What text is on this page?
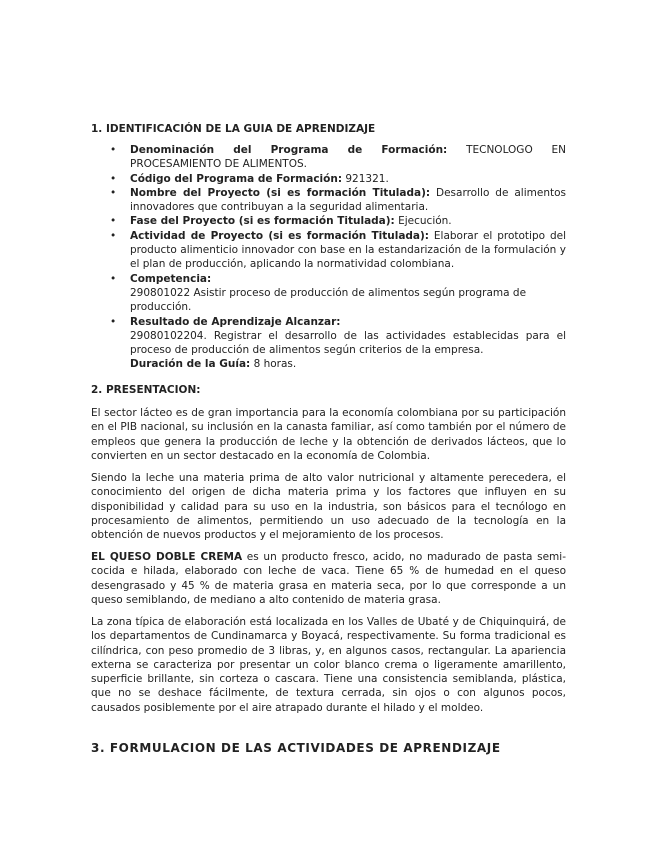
1. IDENTIFICACIÓN DE LA GUIA DE APRENDIZAJE
• Denominación del Programa de Formación: TECNOLOGO EN PROCESAMIENTO DE ALIMENTOS.
• Código del Programa de Formación: 921321.
• Nombre del Proyecto (si es formación Titulada): Desarrollo de alimentos innovadores que contribuyan a la seguridad alimentaria.
• Fase del Proyecto (si es formación Titulada): Ejecución.
• Actividad de Proyecto (si es formación Titulada): Elaborar el prototipo del producto alimenticio innovador con base en la estandarización de la formulación y el plan de producción, aplicando la normatividad colombiana.
• Competencia:
290801022 Asistir proceso de producción de alimentos según programa de producción.
• Resultado de Aprendizaje Alcanzar:
29080102204. Registrar el desarrollo de las actividades establecidas para el proceso de producción de alimentos según criterios de la empresa.
Duración de la Guía: 8 horas.
2. PRESENTACION:

El sector lácteo es de gran importancia para la economía colombiana por su participación en el PIB nacional, su inclusión en la canasta familiar, así como también por el número de empleos que genera la producción de leche y la obtención de derivados lácteos, que lo convierten en un sector destacado en la economía de Colombia.

Siendo la leche una materia prima de alto valor nutricional y altamente perecedera, el conocimiento del origen de dicha materia prima y los factores que influyen en su disponibilidad y calidad para su uso en la industria, son básicos para el tecnólogo en procesamiento de alimentos, permitiendo un uso adecuado de la tecnología en la obtención de nuevos productos y el mejoramiento de los procesos.

EL QUESO DOBLE CREMA es un producto fresco, acido, no madurado de pasta semi-cocida e hilada, elaborado con leche de vaca. Tiene 65 % de humedad en el queso desengrasado y 45 % de materia grasa en materia seca, por lo que corresponde a un queso semiblando, de mediano a alto contenido de materia grasa.

La zona típica de elaboración está localizada en los Valles de Ubaté y de Chiquinquirá, de los departamentos de Cundinamarca y Boyacá, respectivamente. Su forma tradicional es cilíndrica, con peso promedio de 3 libras, y, en algunos casos, rectangular. La apariencia externa se caracteriza por presentar un color blanco crema o ligeramente amarillento, superficie brillante, sin corteza o cascara. Tiene una consistencia semiblanda, plástica, que no se deshace fácilmente, de textura cerrada, sin ojos o con algunos pocos, causados posiblemente por el aire atrapado durante el hilado y el moldeo.

3. FORMULACION DE LAS ACTIVIDADES DE APRENDIZAJE
